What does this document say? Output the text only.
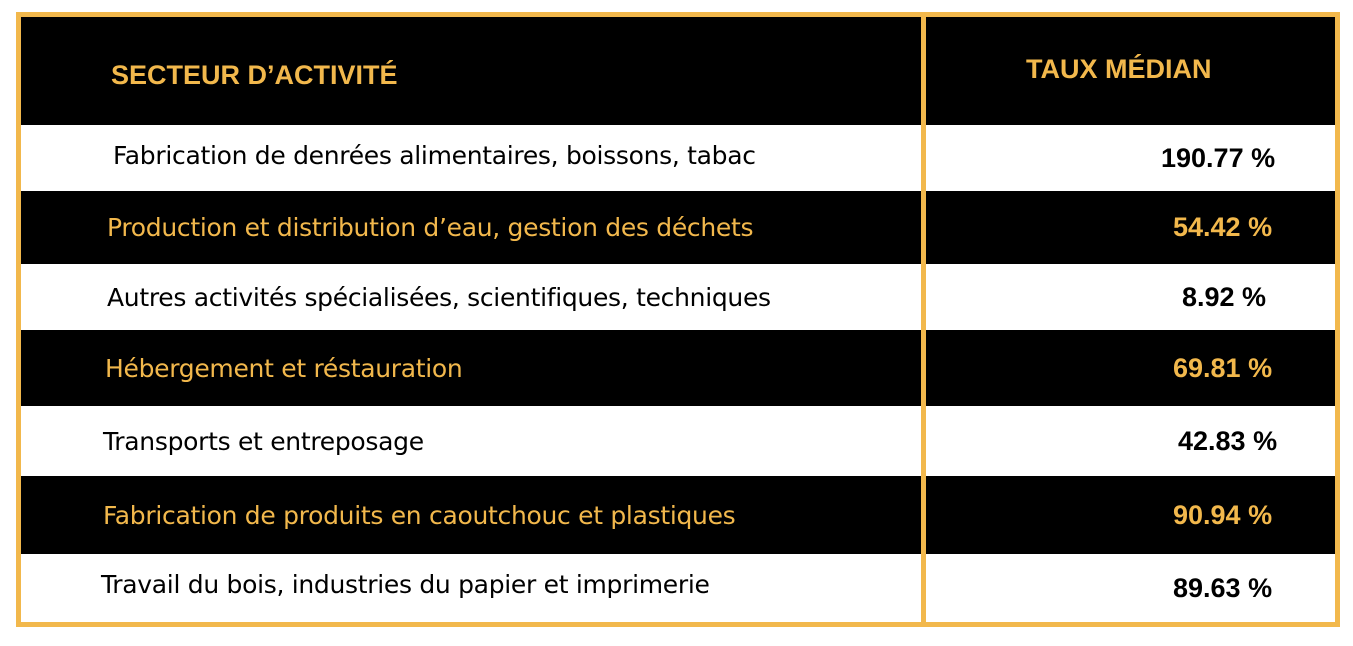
SECTEUR D’ACTIVITÉ	TAUX MÉDIAN
Fabrication de denrées alimentaires, boissons, tabac	190.77 %
Production et distribution d’eau, gestion des déchets	54.42 %
Autres activités spécialisées, scientifiques, techniques	8.92 %
Hébergement et réstauration	69.81 %
Transports et entreposage	42.83 %
Fabrication de produits en caoutchouc et plastiques	90.94 %
Travail du bois, industries du papier et imprimerie	89.63 %
